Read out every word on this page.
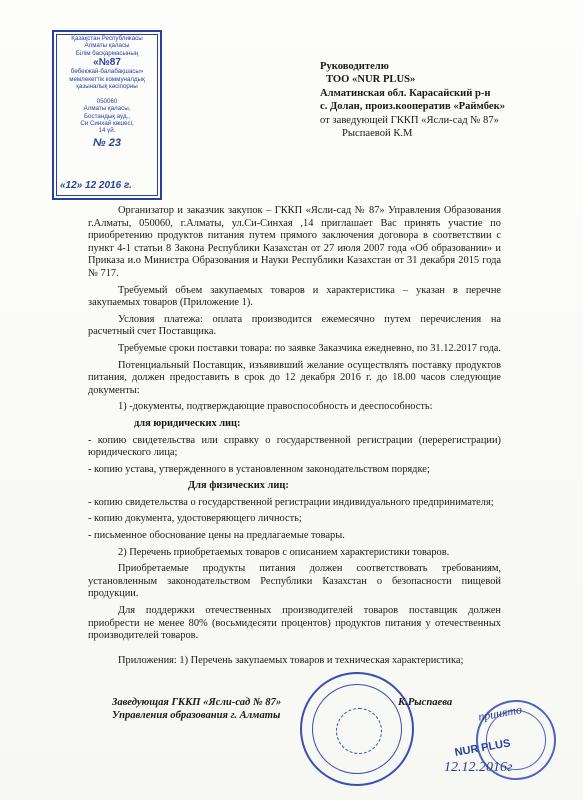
Қазақстан Республикасы
Алматы қаласы
Білім басқармасының
«№87
бөбекжай-балабақшасы»
мемлекеттік коммуналдық
қазыналық кәсіпорны

050060
Алматы қаласы,
Бостандық ауд.,
Си Синхай көшесі,
14 үй.
№ 23
«12» 12 2016 г.
Руководителю
ТОО «NUR PLUS»
Алматинская обл. Карасайский р-н
с. Долан, произ.кооператив «Раймбек»
от заведующей ГККП «Ясли-сад № 87»
Рыспаевой К.М

Организатор и заказчик закупок – ГККП «Ясли-сад № 87» Управления Образования г.Алматы, 050060, г.Алматы, ул.Си-Синхая ,14 приглашает Вас принять участие по приобретению продуктов питания путем прямого заключения договора в соответствии с пункт 4-1 статьи 8 Закона Республики Казахстан от 27 июля 2007 года «Об образовании» и Приказа и.о Министра Образования и Науки Республики Казахстан от 31 декабря 2015 года № 717.

Требуемый объем закупаемых товаров и характеристика – указан в перечне закупаемых товаров (Приложение 1).

Условия платежа: оплата производится ежемесячно путем перечисления на расчетный счет Поставщика.

Требуемые сроки поставки товара: по заявке Заказчика ежедневно, по 31.12.2017 года.

Потенциальный Поставщик, изъявивший желание осуществлять поставку продуктов питания, должен предоставить в срок до 12 декабря 2016 г. до 18.00 часов следующие документы:

1) -документы, подтверждающие правоспособность и дееспособность:

для юридических лиц:

- копию свидетельства или справку о государственной регистрации (перерегистрации) юридического лица;

- копию устава, утвержденного в установленном законодательством порядке;

Для физических лиц:

- копию свидетельства о государственной регистрации индивидуального предпринимателя;

- копию документа, удостоверяющего личность;

- письменное обоснование цены на предлагаемые товары.

2) Перечень приобретаемых товаров с описанием характеристики товаров.

Приобретаемые продукты питания должен соответствовать требованиям, установленным законодательством Республики Казахстан о безопасности пищевой продукции.

Для поддержки отечественных производителей товаров поставщик должен приобрести не менее 80% (восьмидесяти процентов) продуктов питания у отечественных производителей товаров.

Приложения: 1) Перечень закупаемых товаров и техническая характеристика;

NUR PLUS
Заведующая ГККП «Ясли-сад № 87»
Управления образования г. Алматы
К.Рыспаева принято
12.12.2016г
